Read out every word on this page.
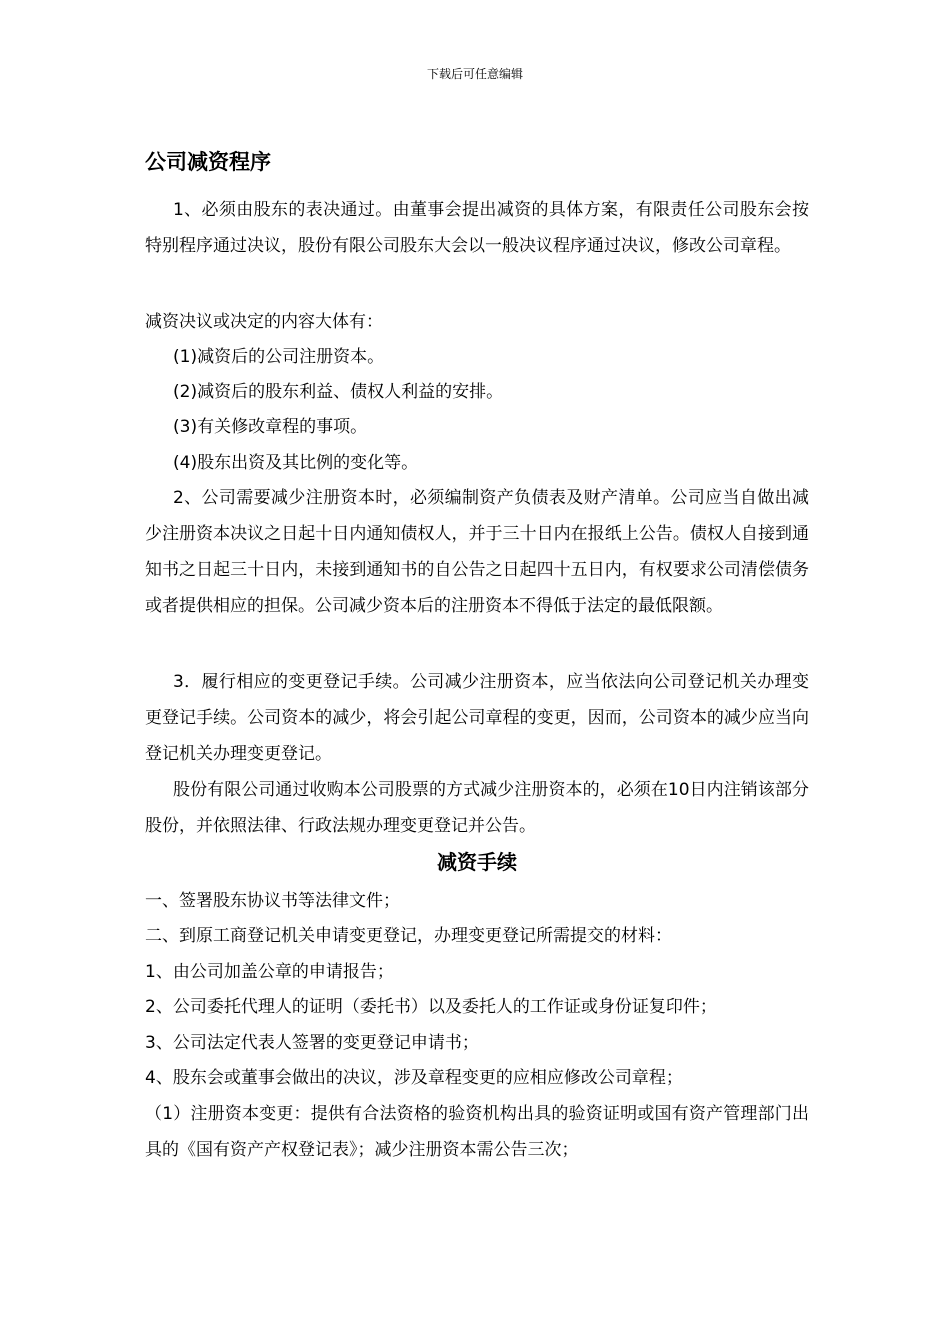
下载后可任意编辑
公司减资程序

1、必须由股东的表决通过。由董事会提出减资的具体方案，有限责任公司股东会按特别程序通过决议，股份有限公司股东大会以一般决议程序通过决议，修改公司章程。

减资决议或决定的内容大体有：

(1)减资后的公司注册资本。

(2)减资后的股东利益、债权人利益的安排。

(3)有关修改章程的事项。

(4)股东出资及其比例的变化等。

2、公司需要减少注册资本时，必须编制资产负债表及财产清单。公司应当自做出减少注册资本决议之日起十日内通知债权人，并于三十日内在报纸上公告。债权人自接到通知书之日起三十日内，未接到通知书的自公告之日起四十五日内，有权要求公司清偿债务或者提供相应的担保。公司减少资本后的注册资本不得低于法定的最低限额。

3．履行相应的变更登记手续。公司减少注册资本，应当依法向公司登记机关办理变更登记手续。公司资本的减少，将会引起公司章程的变更，因而，公司资本的减少应当向登记机关办理变更登记。

股份有限公司通过收购本公司股票的方式减少注册资本的，必须在10日内注销该部分股份，并依照法律、行政法规办理变更登记并公告。

减资手续

一、签署股东协议书等法律文件；

二、到原工商登记机关申请变更登记，办理变更登记所需提交的材料：

1、由公司加盖公章的申请报告；

2、公司委托代理人的证明（委托书）以及委托人的工作证或身份证复印件；

3、公司法定代表人签署的变更登记申请书；

4、股东会或董事会做出的决议，涉及章程变更的应相应修改公司章程；

（1）注册资本变更：提供有合法资格的验资机构出具的验资证明或国有资产管理部门出具的《国有资产产权登记表》；减少注册资本需公告三次；
